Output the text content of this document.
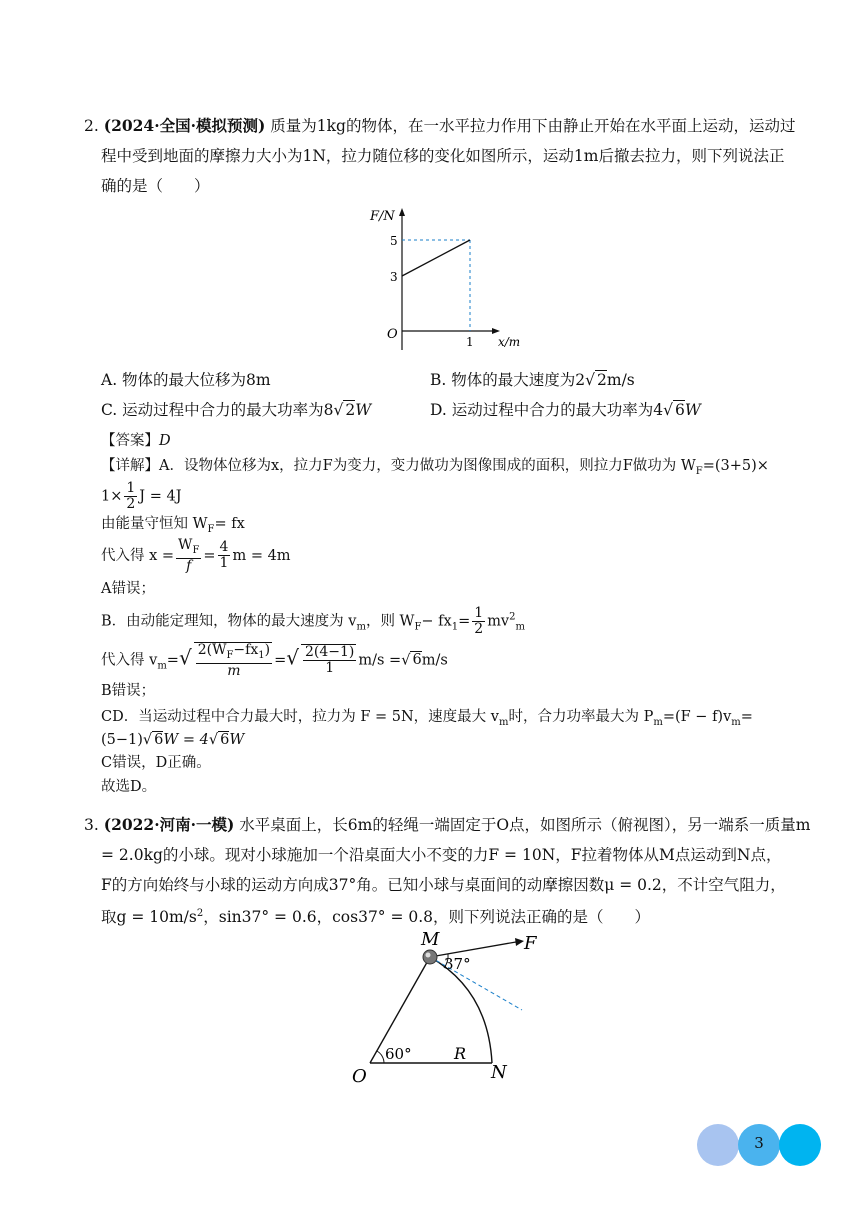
2. (2024·全国·模拟预测) 质量为1kg的物体，在一水平拉力作用下由静止开始在水平面上运动，运动过
程中受到地面的摩擦力大小为1N，拉力随位移的变化如图所示，运动1m后撤去拉力，则下列说法正
确的是（　　）
F/N
5
3
O	1 x/m
A. 物体的最大位移为8m	B. 物体的最大速度为2√ 2m/s
C. 运动过程中合力的最大功率为8√ 2W	D. 运动过程中合力的最大功率为4√ 6W
【答案】D
【详解】A．设物体位移为x，拉力F为变力，变力做功为图像围成的面积，则拉力F做功为 $W_F=(3+5)\times$
$1\times \frac{1}{2}$ J = 4J
由能量守恒知 $W_F=$ fx
代入得 $x = \frac{W_F}{f} = \frac{4}{1}$ m = 4m
A错误；
B．由动能定理知，物体的最大速度为 $v_m$，则 $W_F- fx_1= \frac{1}{2} mv^2_m$
代入得 $v_m=√ \frac{2(W_F-fx_1)}{m}$ =√ $\frac{2(4-1)}{1} m/s$ =√ 6m/s
B错误；
CD．当运动过程中合力最大时，拉力为 F = 5N，速度最大 $v_m$时，合力功率最大为 $P_m=(F - f)v_m=$
(5−1)√ 6W = 4√ 6W
C错误，D正确。
故选D。
3. (2022·河南·一模) 水平桌面上，长6m的轻绳一端固定于O点，如图所示（俯视图），另一端系一质量m
= 2.0kg的小球。现对小球施加一个沿桌面大小不变的力F = 10N，F拉着物体从M点运动到N点，
F的方向始终与小球的运动方向成37°角。已知小球与桌面间的动摩擦因数μ = 0.2，不计空气阻力，
取$g = 10m/s^2$，sin37° = 0.6，cos37° = 0.8，则下列说法正确的是（　　）
M	F
37°
60°	R
O	N
3
